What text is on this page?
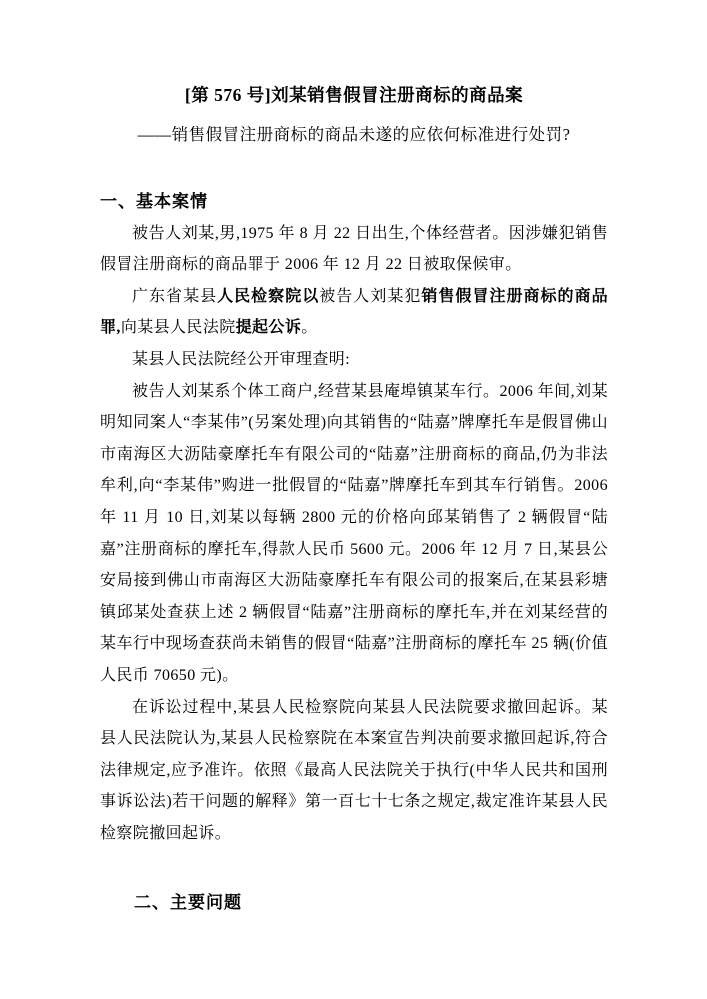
[第 576 号]刘某销售假冒注册商标的商品案
——销售假冒注册商标的商品未遂的应依何标准进行处罚?
一、基本案情

被告人刘某,男,1975 年 8 月 22 日出生,个体经营者。因涉嫌犯销售假冒注册商标的商品罪于 2006 年 12 月 22 日被取保候审。

广东省某县人民检察院以被告人刘某犯销售假冒注册商标的商品罪,向某县人民法院提起公诉。

某县人民法院经公开审理查明:

被告人刘某系个体工商户,经营某县庵埠镇某车行。2006 年间,刘某明知同案人“李某伟”(另案处理)向其销售的“陆嘉”牌摩托车是假冒佛山市南海区大沥陆豪摩托车有限公司的“陆嘉”注册商标的商品,仍为非法牟利,向“李某伟”购进一批假冒的“陆嘉”牌摩托车到其车行销售。2006 年 11 月 10 日,刘某以每辆 2800 元的价格向邱某销售了 2 辆假冒“陆嘉”注册商标的摩托车,得款人民币 5600 元。2006 年 12 月 7 日,某县公安局接到佛山市南海区大沥陆豪摩托车有限公司的报案后,在某县彩塘镇邱某处查获上述 2 辆假冒“陆嘉”注册商标的摩托车,并在刘某经营的某车行中现场查获尚未销售的假冒“陆嘉”注册商标的摩托车 25 辆(价值人民币 70650 元)。

在诉讼过程中,某县人民检察院向某县人民法院要求撤回起诉。某县人民法院认为,某县人民检察院在本案宣告判决前要求撤回起诉,符合法律规定,应予准许。依照《最高人民法院关于执行(中华人民共和国刑事诉讼法)若干问题的解释》第一百七十七条之规定,裁定准许某县人民检察院撤回起诉。

二、主要问题
